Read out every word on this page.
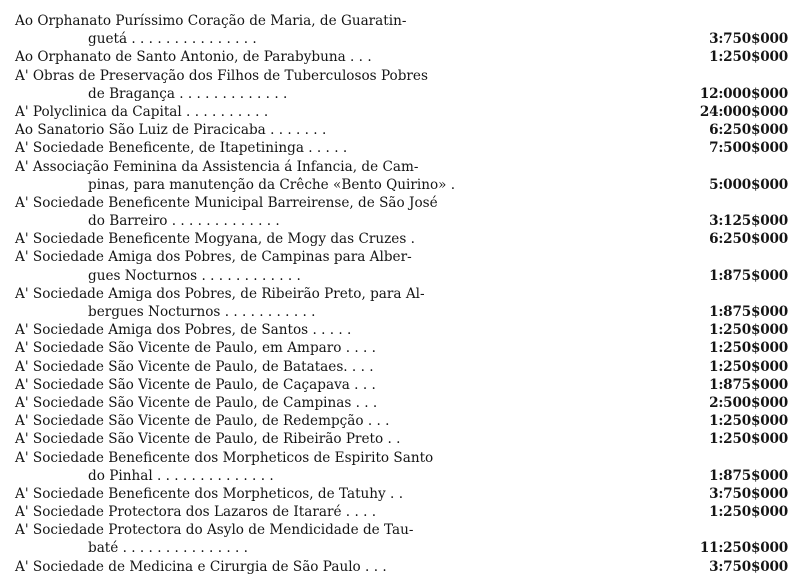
Ao Orphanato Puríssimo Coração de Maria, de Guaratin-
guetá . . . . . . . . . . . . . . .	3:750$000
Ao Orphanato de Santo Antonio, de Parabybuna . . .	1:250$000
A' Obras de Preservação dos Filhos de Tuberculosos Pobres
de Bragança . . . . . . . . . . . . .	12:000$000
A' Polyclinica da Capital . . . . . . . . . .	24:000$000
Ao Sanatorio São Luiz de Piracicaba . . . . . . .	6:250$000
A' Sociedade Beneficente, de Itapetininga . . . . .	7:500$000
A' Associação Feminina da Assistencia á Infancia, de Cam-
pinas, para manutenção da Crêche «Bento Quirino» .	5:000$000
A' Sociedade Beneficente Municipal Barreirense, de São José
do Barreiro . . . . . . . . . . . . .	3:125$000
A' Sociedade Beneficente Mogyana, de Mogy das Cruzes .	6:250$000
A' Sociedade Amiga dos Pobres, de Campinas para Alber-
gues Nocturnos . . . . . . . . . . . .	1:875$000
A' Sociedade Amiga dos Pobres, de Ribeirão Preto, para Al-
bergues Nocturnos . . . . . . . . . . .	1:875$000
A' Sociedade Amiga dos Pobres, de Santos . . . . .	1:250$000
A' Sociedade São Vicente de Paulo, em Amparo . . . .	1:250$000
A' Sociedade São Vicente de Paulo, de Batataes. . . .	1:250$000
A' Sociedade São Vicente de Paulo, de Caçapava . . .	1:875$000
A' Sociedade São Vicente de Paulo, de Campinas . . .	2:500$000
A' Sociedade São Vicente de Paulo, de Redempção . . .	1:250$000
A' Sociedade São Vicente de Paulo, de Ribeirão Preto . .	1:250$000
A' Sociedade Beneficente dos Morpheticos de Espirito Santo
do Pinhal . . . . . . . . . . . . . .	1:875$000
A' Sociedade Beneficente dos Morpheticos, de Tatuhy . .	3:750$000
A' Sociedade Protectora dos Lazaros de Itararé . . . .	1:250$000
A' Sociedade Protectora do Asylo de Mendicidade de Tau-
baté . . . . . . . . . . . . . . .	11:250$000
A' Sociedade de Medicina e Cirurgia de São Paulo . . .	3:750$000
